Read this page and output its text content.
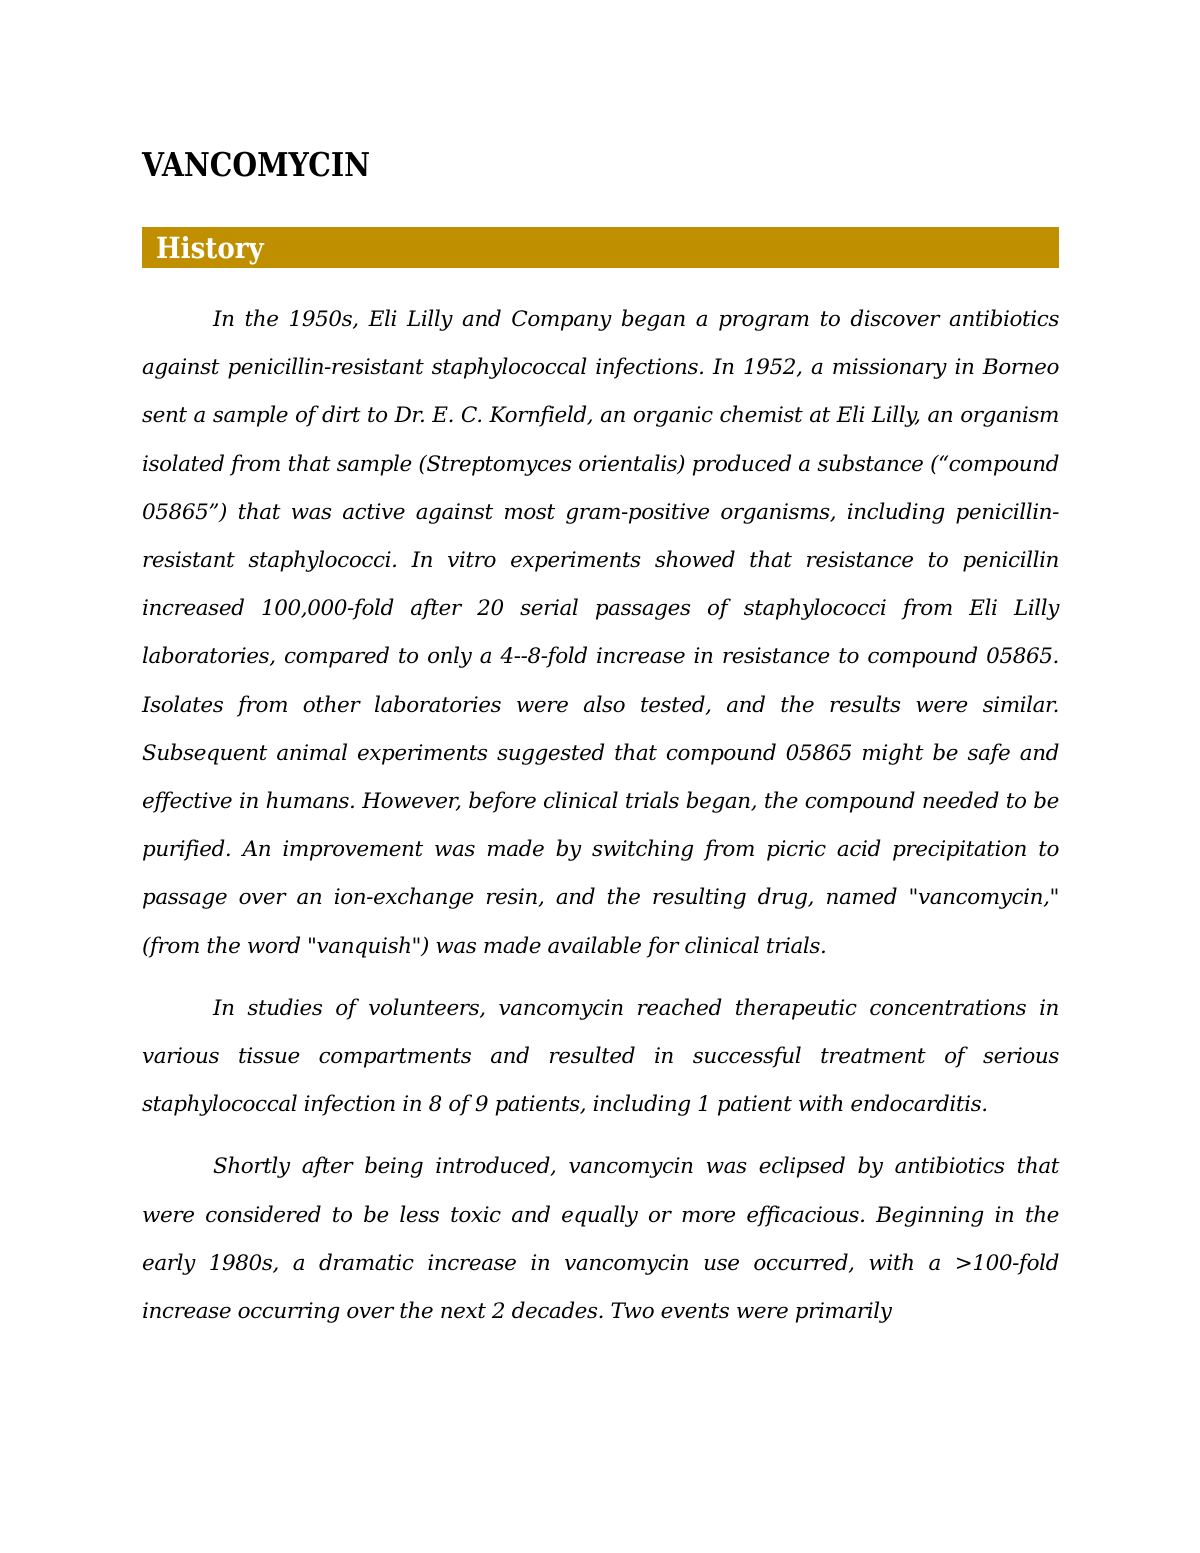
VANCOMYCIN
History

In the 1950s, Eli Lilly and Company began a program to discover antibiotics against penicillin-resistant staphylococcal infections. In 1952, a missionary in Borneo sent a sample of dirt to Dr. E. C. Kornfield, an organic chemist at Eli Lilly, an organism isolated from that sample (Streptomyces orientalis) produced a substance (“compound 05865”) that was active against most gram-positive organisms, including penicillin-resistant staphylococci. In vitro experiments showed that resistance to penicillin increased 100,000-fold after 20 serial passages of staphylococci from Eli Lilly laboratories, compared to only a 4--8-fold increase in resistance to compound 05865. Isolates from other laboratories were also tested, and the results were similar. Subsequent animal experiments suggested that compound 05865 might be safe and effective in humans. However, before clinical trials began, the compound needed to be purified. An improvement was made by switching from picric acid precipitation to passage over an ion-exchange resin, and the resulting drug, named "vancomycin," (from the word "vanquish") was made available for clinical trials.

In studies of volunteers, vancomycin reached therapeutic concentrations in various tissue compartments and resulted in successful treatment of serious staphylococcal infection in 8 of 9 patients, including 1 patient with endocarditis.

Shortly after being introduced, vancomycin was eclipsed by antibiotics that were considered to be less toxic and equally or more efficacious. Beginning in the early 1980s, a dramatic increase in vancomycin use occurred, with a >100-fold increase occurring over the next 2 decades. Two events were primarily
